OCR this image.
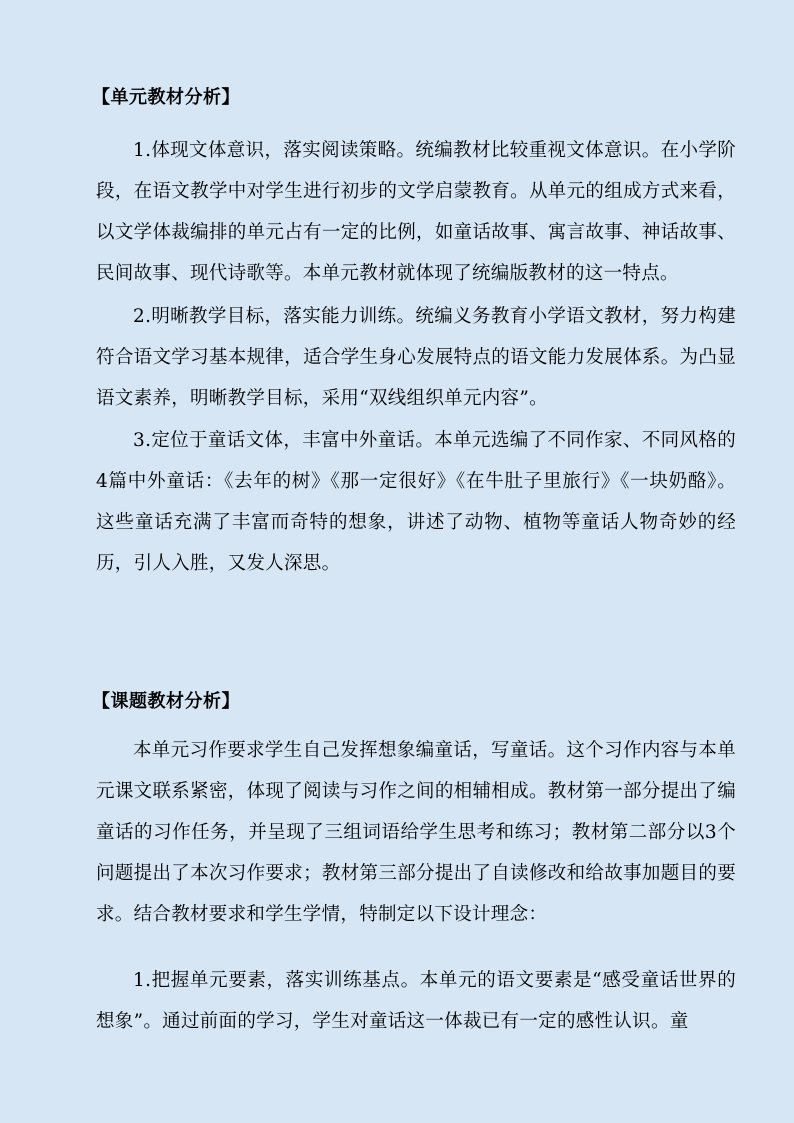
【单元教材分析】

1.体现文体意识，落实阅读策略。统编教材比较重视文体意识。在小学阶段，在语文教学中对学生进行初步的文学启蒙教育。从单元的组成方式来看，以文学体裁编排的单元占有一定的比例，如童话故事、寓言故事、神话故事、民间故事、现代诗歌等。本单元教材就体现了统编版教材的这一特点。

2.明晰教学目标，落实能力训练。统编义务教育小学语文教材，努力构建符合语文学习基本规律，适合学生身心发展特点的语文能力发展体系。为凸显语文素养，明晰教学目标，采用“双线组织单元内容”。

3.定位于童话文体，丰富中外童话。本单元选编了不同作家、不同风格的4篇中外童话：《去年的树》《那一定很好》《在牛肚子里旅行》《一块奶酪》。这些童话充满了丰富而奇特的想象，讲述了动物、植物等童话人物奇妙的经历，引人入胜，又发人深思。

【课题教材分析】

本单元习作要求学生自己发挥想象编童话，写童话。这个习作内容与本单元课文联系紧密，体现了阅读与习作之间的相辅相成。教材第一部分提出了编童话的习作任务，并呈现了三组词语给学生思考和练习；教材第二部分以3个问题提出了本次习作要求；教材第三部分提出了自读修改和给故事加题目的要求。结合教材要求和学生学情，特制定以下设计理念：

1.把握单元要素，落实训练基点。本单元的语文要素是“感受童话世界的想象”。通过前面的学习，学生对童话这一体裁已有一定的感性认识。童
